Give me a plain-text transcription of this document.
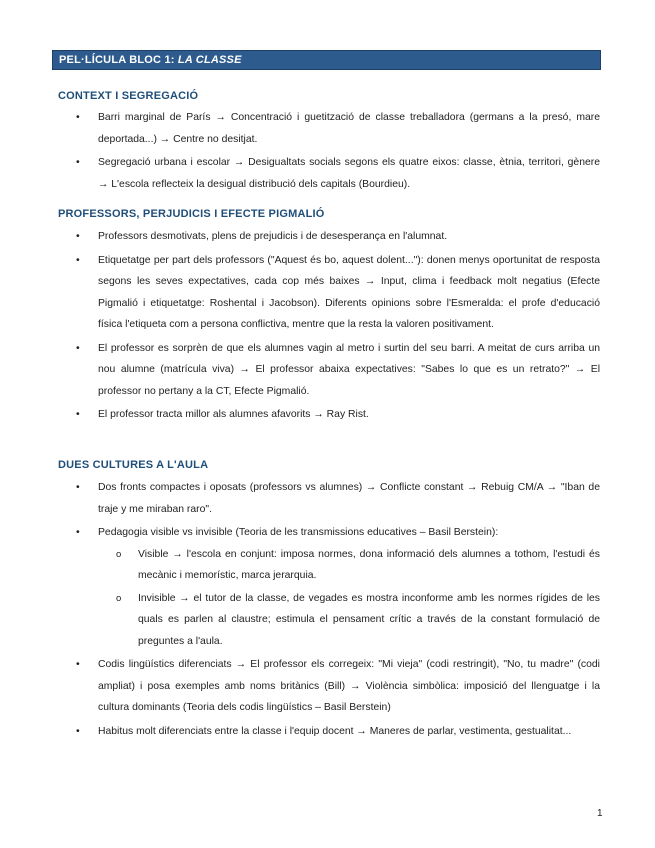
PEL·LÍCULA BLOC 1: LA CLASSE
CONTEXT I SEGREGACIÓ
• Barri marginal de París → Concentració i guetització de classe treballadora (germans a la presó, mare deportada...) → Centre no desitjat.
• Segregació urbana i escolar → Desigualtats socials segons els quatre eixos: classe, ètnia, territori, gènere → L'escola reflecteix la desigual distribució dels capitals (Bourdieu).
PROFESSORS, PERJUDICIS I EFECTE PIGMALIÓ
• Professors desmotivats, plens de prejudicis i de desesperança en l'alumnat.
• Etiquetatge per part dels professors ("Aquest és bo, aquest dolent..."): donen menys oportunitat de resposta segons les seves expectatives, cada cop més baixes → Input, clima i feedback molt negatius (Efecte Pigmalió i etiquetatge: Roshental i Jacobson). Diferents opinions sobre l'Esmeralda: el profe d'educació física l'etiqueta com a persona conflictiva, mentre que la resta la valoren positivament.
• El professor es sorprèn de que els alumnes vagin al metro i surtin del seu barri. A meitat de curs arriba un nou alumne (matrícula viva) → El professor abaixa expectatives: "Sabes lo que es un retrato?" → El professor no pertany a la CT, Efecte Pigmalió.
• El professor tracta millor als alumnes afavorits → Ray Rist.
DUES CULTURES A L'AULA
• Dos fronts compactes i oposats (professors vs alumnes) → Conflicte constant → Rebuig CM/A → "Iban de traje y me miraban raro".
• Pedagogia visible vs invisible (Teoria de les transmissions educatives – Basil Berstein):
o Visible → l'escola en conjunt: imposa normes, dona informació dels alumnes a tothom, l'estudi és mecànic i memorístic, marca jerarquia.
o Invisible → el tutor de la classe, de vegades es mostra inconforme amb les normes rígides de les quals es parlen al claustre; estimula el pensament crític a través de la constant formulació de preguntes a l'aula.
• Codis lingüístics diferenciats → El professor els corregeix: "Mi vieja" (codi restringit), "No, tu madre" (codi ampliat) i posa exemples amb noms britànics (Bill) → Violència simbòlica: imposició del llenguatge i la cultura dominants (Teoria dels codis lingüístics – Basil Berstein)
• Habitus molt diferenciats entre la classe i l'equip docent → Maneres de parlar, vestimenta, gestualitat...
1
